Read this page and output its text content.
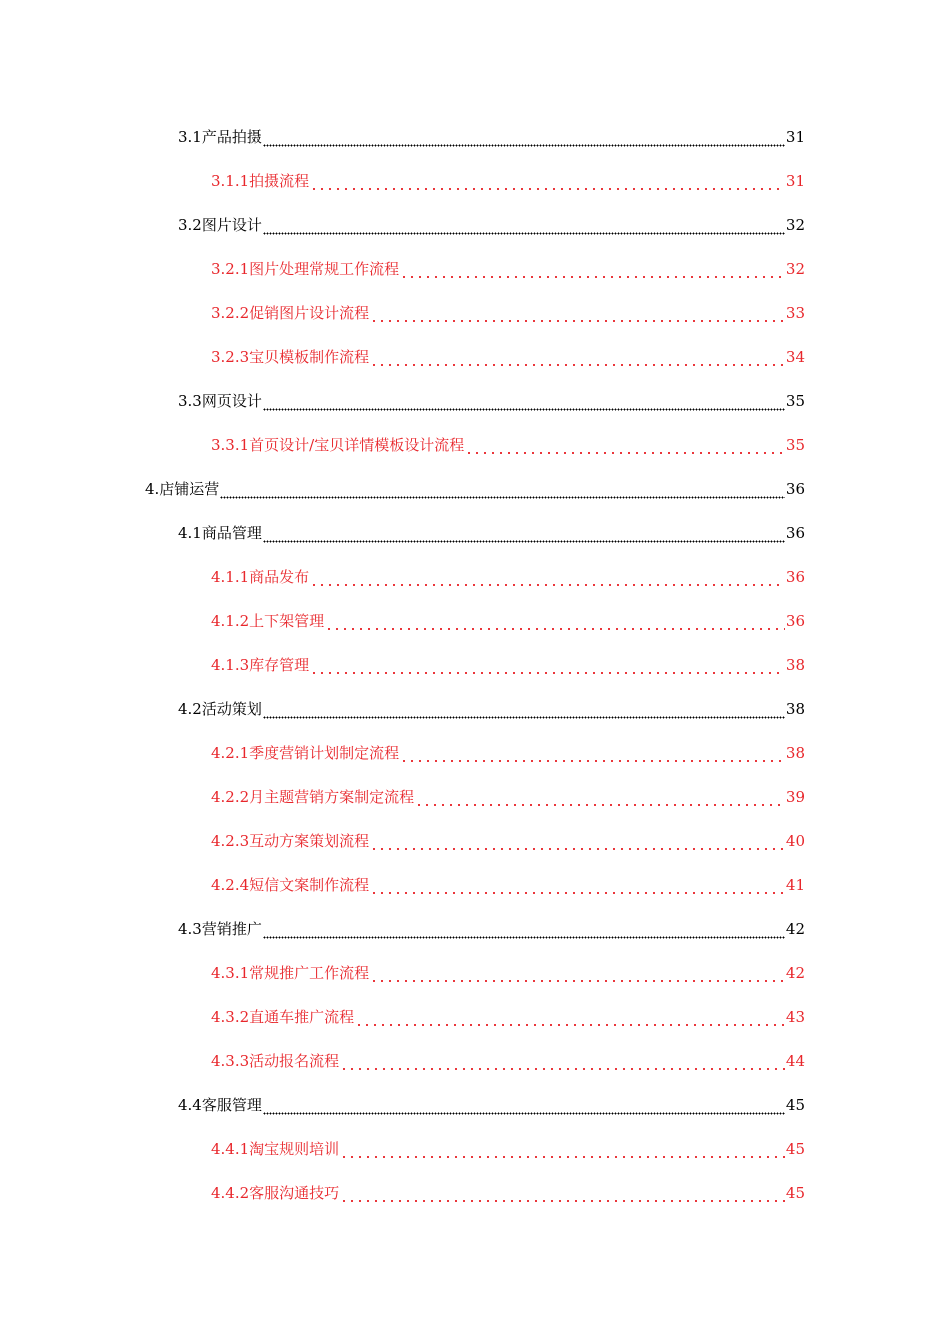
3.1产品拍摄	31
3.1.1拍摄流程	31
3.2图片设计	32
3.2.1图片处理常规工作流程	32
3.2.2促销图片设计流程	33
3.2.3宝贝模板制作流程	34
3.3网页设计	35
3.3.1首页设计/宝贝详情模板设计流程	35
4.店铺运营	36
4.1商品管理	36
4.1.1商品发布	36
4.1.2上下架管理	36
4.1.3库存管理	38
4.2活动策划	38
4.2.1季度营销计划制定流程	38
4.2.2月主题营销方案制定流程	39
4.2.3互动方案策划流程	40
4.2.4短信文案制作流程	41
4.3营销推广	42
4.3.1常规推广工作流程	42
4.3.2直通车推广流程	43
4.3.3活动报名流程	44
4.4客服管理	45
4.4.1淘宝规则培训	45
4.4.2客服沟通技巧	45
